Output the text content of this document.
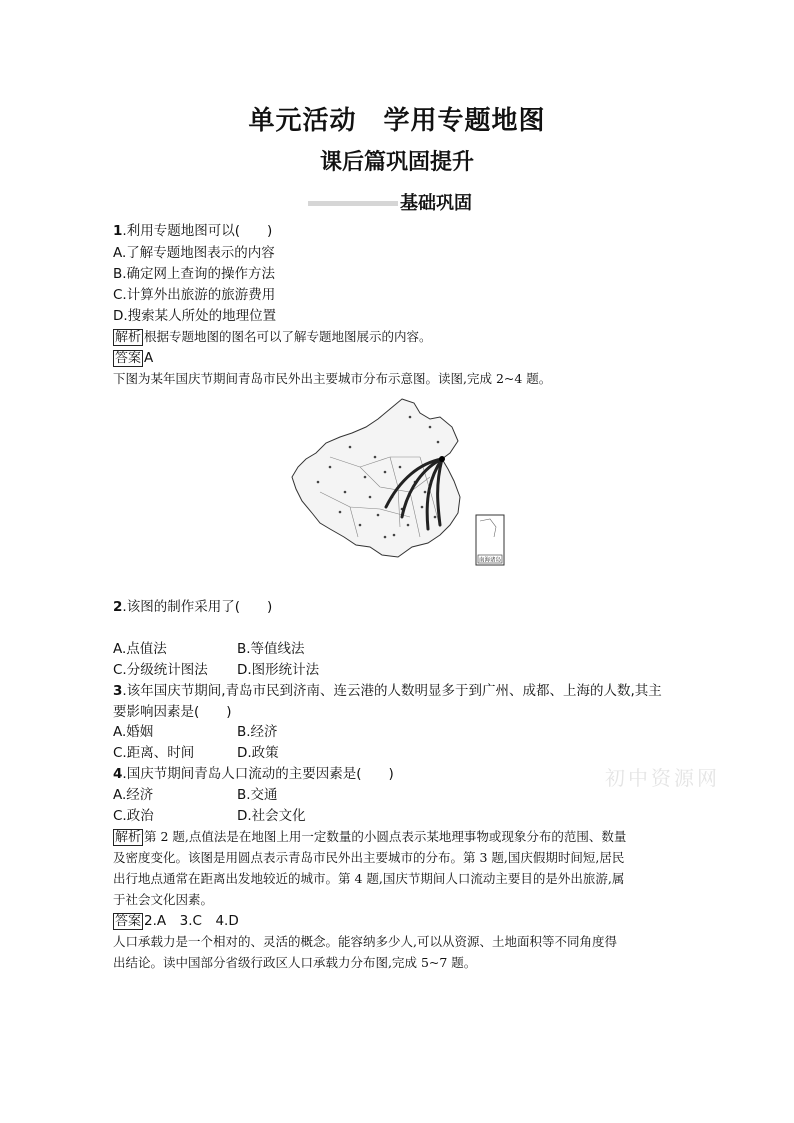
单元活动　学用专题地图
课后篇巩固提升
基础巩固
1.利用专题地图可以(　　)
A.了解专题地图表示的内容
B.确定网上查询的操作方法
C.计算外出旅游的旅游费用
D.搜索某人所处的地理位置
解析 根据专题地图的图名可以了解专题地图展示的内容。
答案 A
下图为某年国庆节期间青岛市民外出主要城市分布示意图。读图,完成 2~4 题。
南海诸岛
2.该图的制作采用了(　　)
A.点值法	B.等值线法
C.分级统计图法 D.图形统计法
3.该年国庆节期间,青岛市民到济南、连云港的人数明显多于到广州、成都、上海的人数,其主
要影响因素是(　　)
A.婚姻	B.经济
C.距离、时间	D.政策
4.国庆节期间青岛人口流动的主要因素是(　　)
A.经济	B.交通
C.政治	D.社会文化
解析 第 2 题,点值法是在地图上用一定数量的小圆点表示某地理事物或现象分布的范围、数量
及密度变化。该图是用圆点表示青岛市民外出主要城市的分布。第 3 题,国庆假期时间短,居民
出行地点通常在距离出发地较近的城市。第 4 题,国庆节期间人口流动主要目的是外出旅游,属
于社会文化因素。
答案 2.A　3.C　4.D
人口承载力是一个相对的、灵活的概念。能容纳多少人,可以从资源、土地面积等不同角度得
出结论。读中国部分省级行政区人口承载力分布图,完成 5~7 题。
初中资源网
